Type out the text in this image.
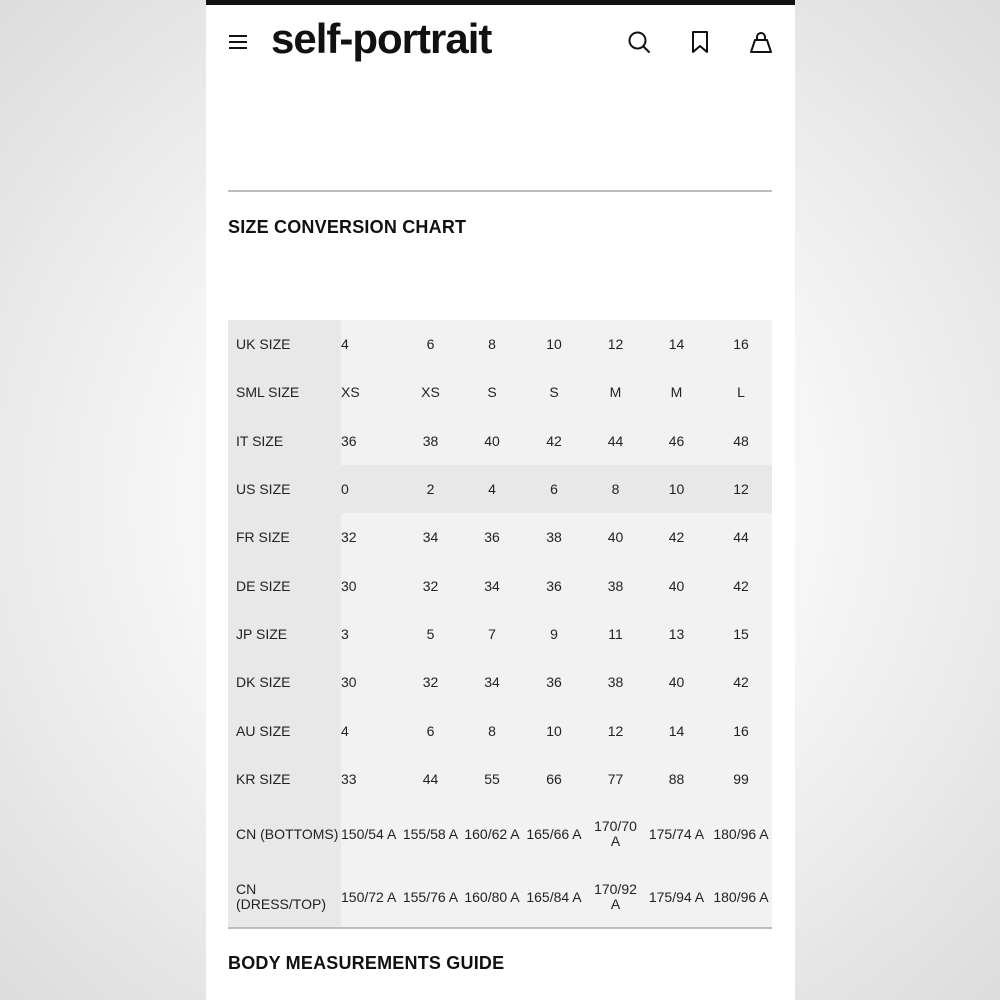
self-portrait
SIZE CONVERSION CHART
UK SIZE	4	6	8	10	12	14	16
SML SIZE	XS	XS	S	S	M	M	L
IT SIZE	36	38	40	42	44	46	48
US SIZE	0	2	4	6	8	10	12
FR SIZE	32	34	36	38	40	42	44
DE SIZE	30	32	34	36	38	40	42
JP SIZE	3	5	7	9	11	13	15
DK SIZE	30	32	34	36	38	40	42
AU SIZE	4	6	8	10	12	14	16
KR SIZE	33	44	55	66	77	88	99
CN (BOTTOMS)	150/54 A	155/58 A	160/62 A	165/66 A	170/70 A	175/74 A	180/96 A
CN (DRESS/TOP)	150/72 A	155/76 A	160/80 A	165/84 A	170/92 A	175/94 A	180/96 A
BODY MEASUREMENTS GUIDE
